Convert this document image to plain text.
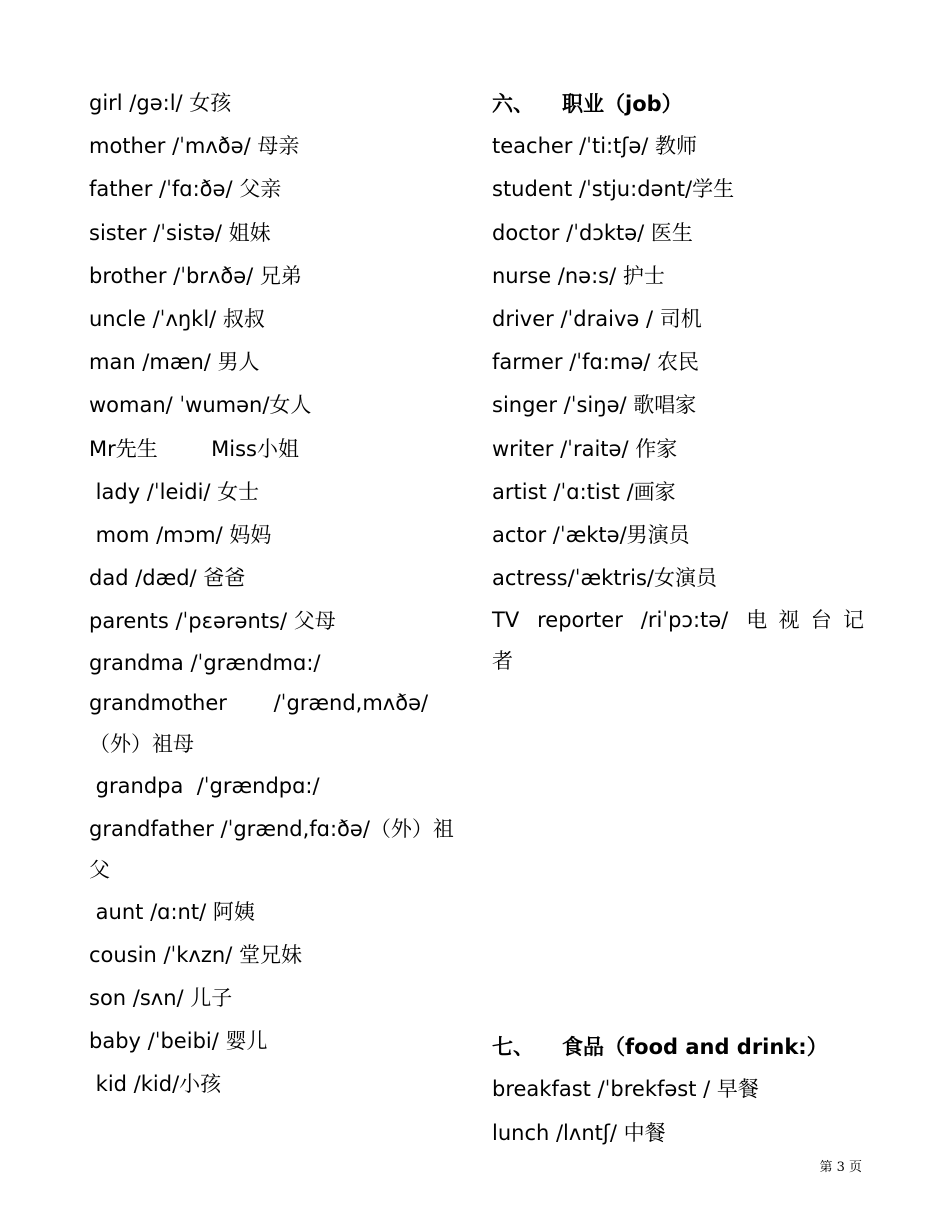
girl /gə:l/ 女孩
mother /ˈmʌðə/ 母亲
father /ˈfɑ:ðə/ 父亲
sister /ˈsistə/ 姐妹
brother /ˈbrʌðə/ 兄弟
uncle /ˈʌŋkl/ 叔叔
man /mæn/ 男人
woman/ ˈwumən/女人
Mr先生        Miss小姐
lady /ˈleidi/ 女士
mom /mɔm/ 妈妈
dad /dæd/ 爸爸
parents /ˈpɛərənts/ 父母
grandma /ˈgrændmɑ:/
grandmother       /ˈgrænd,mʌðə/ （外）祖母
grandpa  /ˈgrændpɑ:/
grandfather /ˈgrænd,fɑ:ðə/（外）祖父
aunt /ɑ:nt/ 阿姨
cousin /ˈkʌzn/ 堂兄妹
son /sʌn/ 儿子
baby /ˈbeibi/ 婴儿
kid /kid/小孩
六、 职业（job）
teacher /ˈti:tʃə/ 教师
student /ˈstju:dənt/学生
doctor /ˈdɔktə/ 医生
nurse /nə:s/ 护士
driver /ˈdraivə / 司机
farmer /ˈfɑ:mə/ 农民
singer /ˈsiŋə/ 歌唱家
writer /ˈraitə/ 作家
artist /ˈɑ:tist /画家
actor /ˈæktə/男演员
actress/ˈæktris/女演员
TV  reporter  /riˈpɔ:tə/  电 视 台 记 者
七、 食品（food and drink:）
breakfast /ˈbrekfəst / 早餐
lunch /lʌntʃ/ 中餐
第 3 页
